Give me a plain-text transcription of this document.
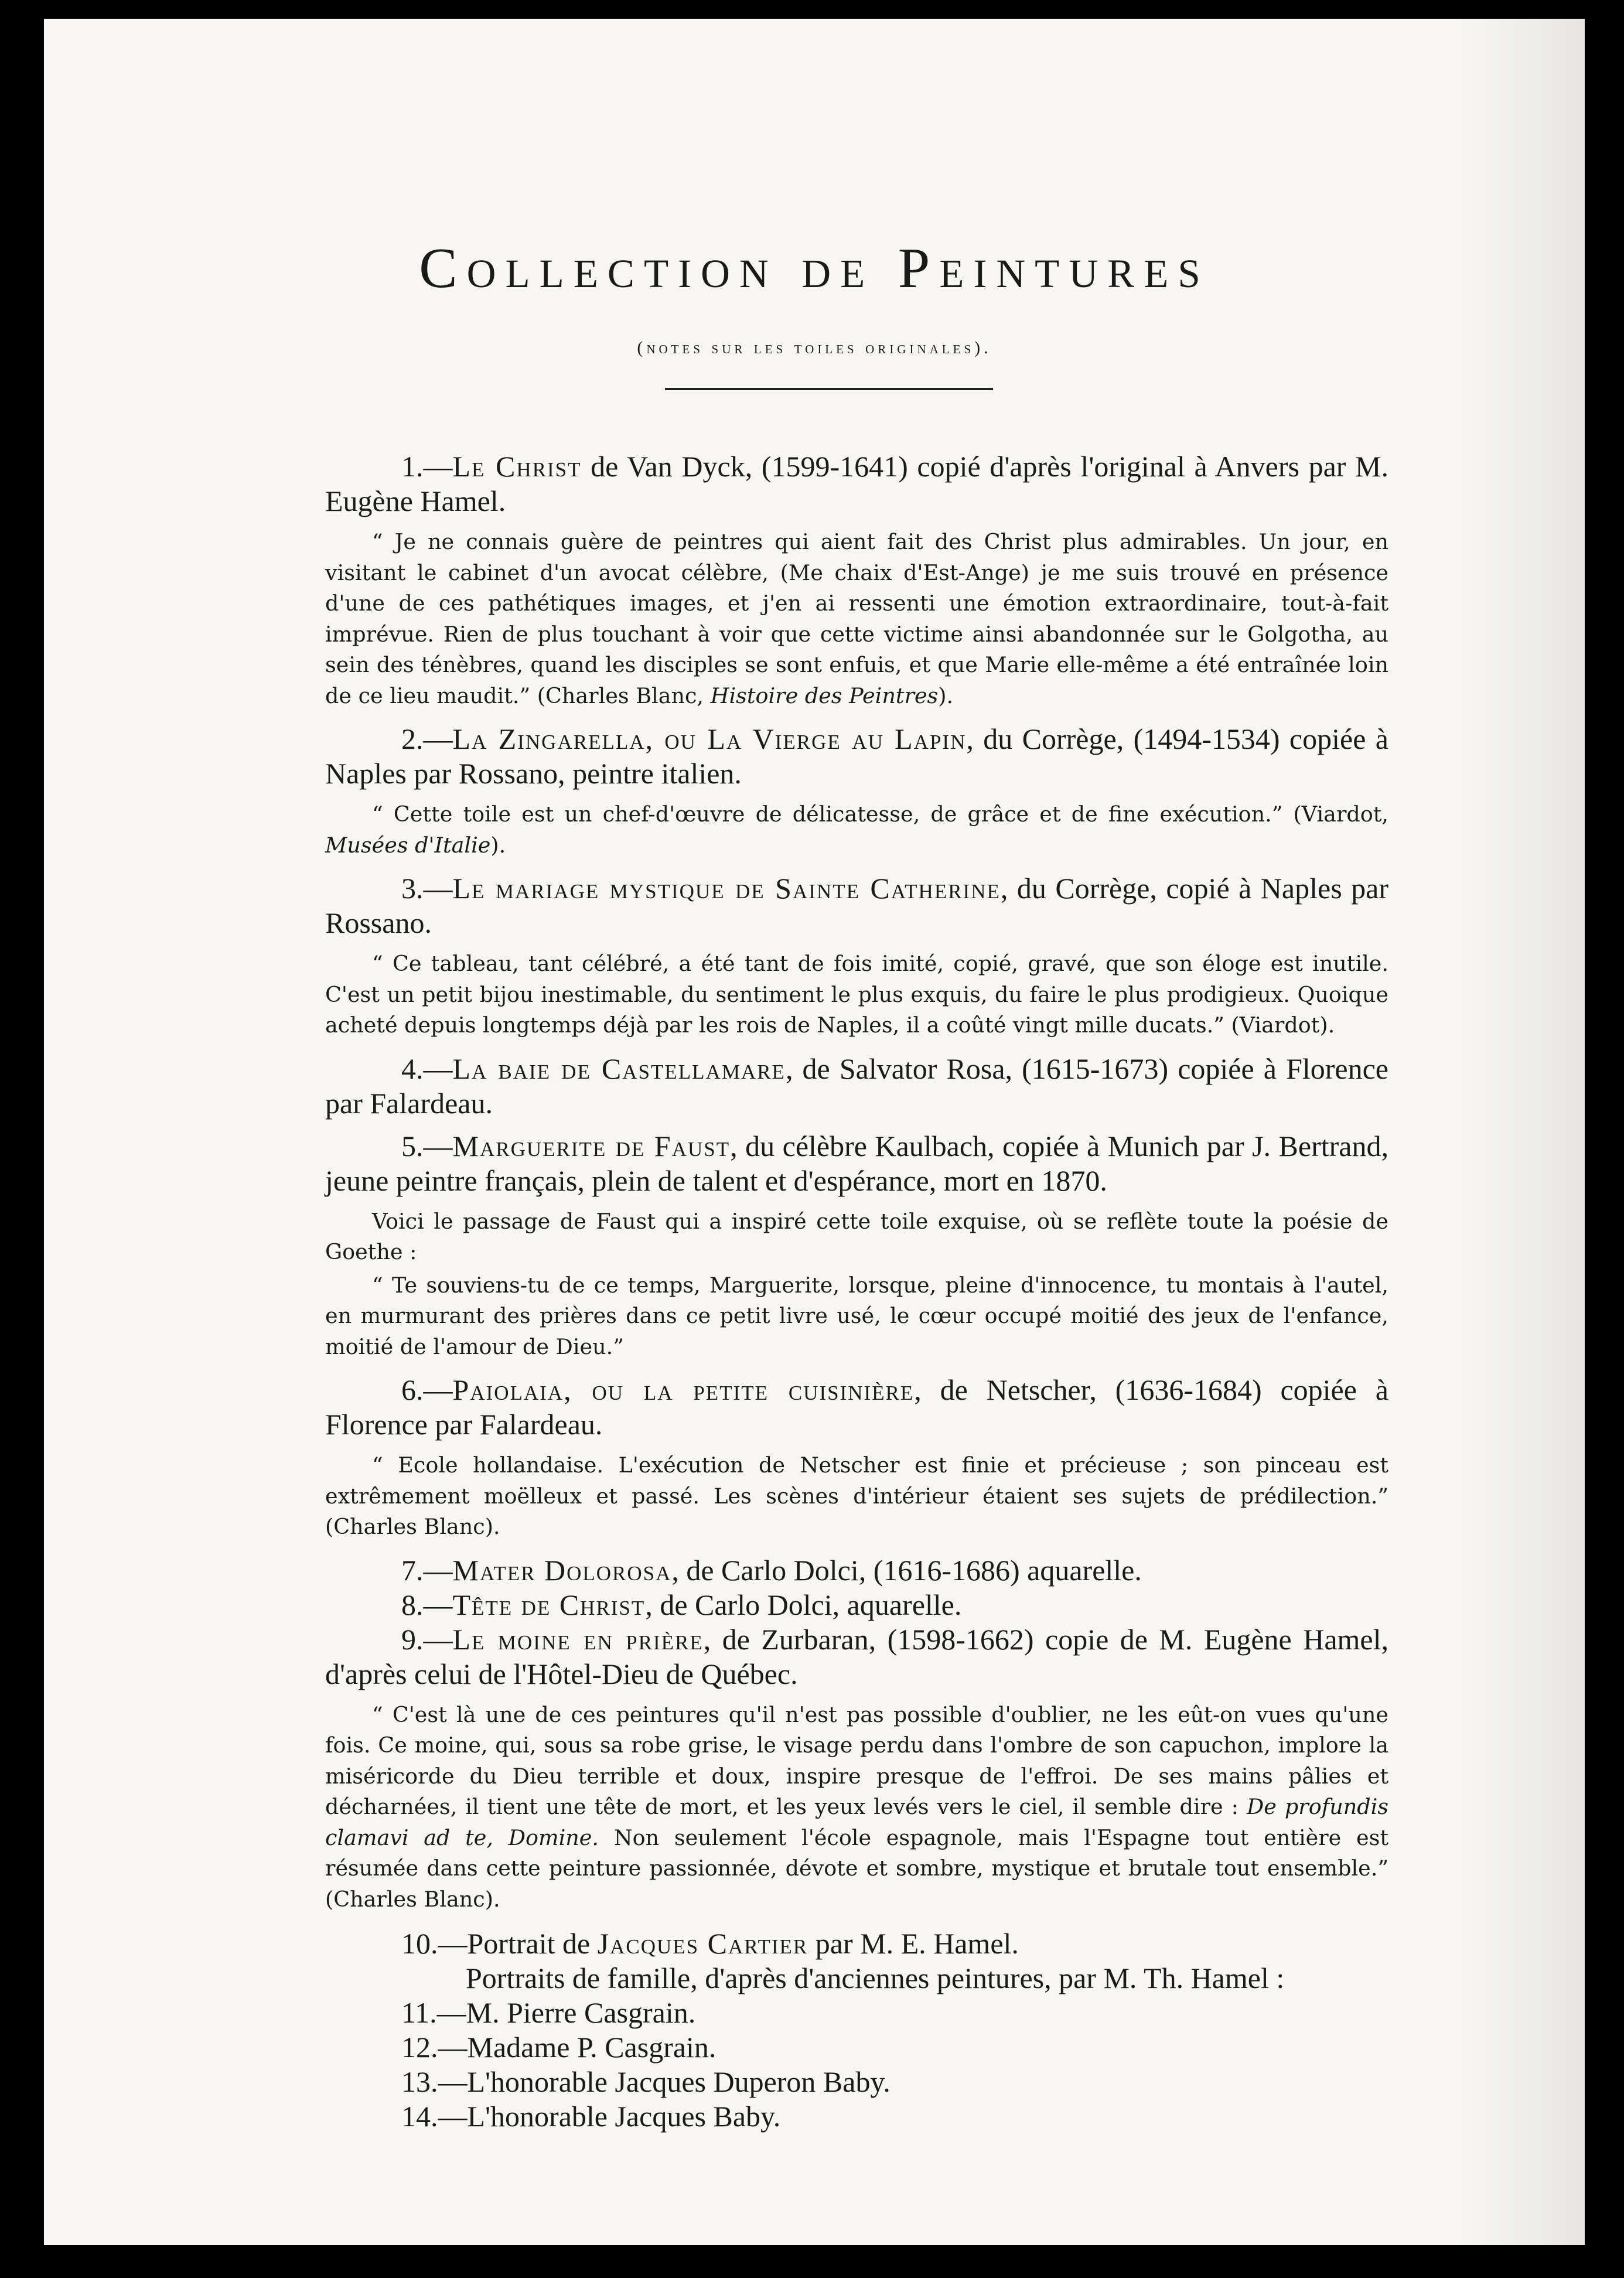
Collection de Peintures
(notes sur les toiles originales).

1.—Le Christ de Van Dyck, (1599-1641) copié d'après l'original à Anvers par M. Eugène Hamel.

“ Je ne connais guère de peintres qui aient fait des Christ plus admirables. Un jour, en visitant le cabinet d'un avocat célèbre, (Me chaix d'Est-Ange) je me suis trouvé en présence d'une de ces pathétiques images, et j'en ai ressenti une émotion extraordinaire, tout-à-fait imprévue. Rien de plus touchant à voir que cette victime ainsi abandonnée sur le Golgotha, au sein des ténèbres, quand les disciples se sont enfuis, et que Marie elle-même a été entraînée loin de ce lieu maudit.” (Charles Blanc, Histoire des Peintres).

2.—La Zingarella, ou La Vierge au Lapin, du Corrège, (1494-1534) copiée à Naples par Rossano, peintre italien.

“ Cette toile est un chef-d'œuvre de délicatesse, de grâce et de fine exécution.” (Viardot, Musées d'Italie).

3.—Le mariage mystique de Sainte Catherine, du Corrège, copié à Naples par Rossano.

“ Ce tableau, tant célébré, a été tant de fois imité, copié, gravé, que son éloge est inutile. C'est un petit bijou inestimable, du sentiment le plus exquis, du faire le plus prodigieux. Quoique acheté depuis longtemps déjà par les rois de Naples, il a coûté vingt mille ducats.” (Viardot).

4.—La baie de Castellamare, de Salvator Rosa, (1615-1673) copiée à Florence par Falardeau.

5.—Marguerite de Faust, du célèbre Kaulbach, copiée à Munich par J. Bertrand, jeune peintre français, plein de talent et d'espérance, mort en 1870.

Voici le passage de Faust qui a inspiré cette toile exquise, où se reflète toute la poésie de Goethe :

“ Te souviens-tu de ce temps, Marguerite, lorsque, pleine d'innocence, tu montais à l'autel, en murmurant des prières dans ce petit livre usé, le cœur occupé moitié des jeux de l'enfance, moitié de l'amour de Dieu.”

6.—Paiolaia, ou la petite cuisinière, de Netscher, (1636-1684) copiée à Florence par Falardeau.

“ Ecole hollandaise. L'exécution de Netscher est finie et précieuse ; son pinceau est extrêmement moëlleux et passé. Les scènes d'intérieur étaient ses sujets de prédilection.” (Charles Blanc).

7.—Mater Dolorosa, de Carlo Dolci, (1616-1686) aquarelle.

8.—Tête de Christ, de Carlo Dolci, aquarelle.

9.—Le moine en prière, de Zurbaran, (1598-1662) copie de M. Eugène Hamel, d'après celui de l'Hôtel-Dieu de Québec.

“ C'est là une de ces peintures qu'il n'est pas possible d'oublier, ne les eût-on vues qu'une fois. Ce moine, qui, sous sa robe grise, le visage perdu dans l'ombre de son capuchon, implore la miséricorde du Dieu terrible et doux, inspire presque de l'effroi. De ses mains pâlies et décharnées, il tient une tête de mort, et les yeux levés vers le ciel, il semble dire : De profundis clamavi ad te, Domine. Non seulement l'école espagnole, mais l'Espagne tout entière est résumée dans cette peinture passionnée, dévote et sombre, mystique et brutale tout ensemble.” (Charles Blanc).

10.—Portrait de Jacques Cartier par M. E. Hamel.

Portraits de famille, d'après d'anciennes peintures, par M. Th. Hamel :

11.—M. Pierre Casgrain.

12.—Madame P. Casgrain.

13.—L'honorable Jacques Duperon Baby.

14.—L'honorable Jacques Baby.
